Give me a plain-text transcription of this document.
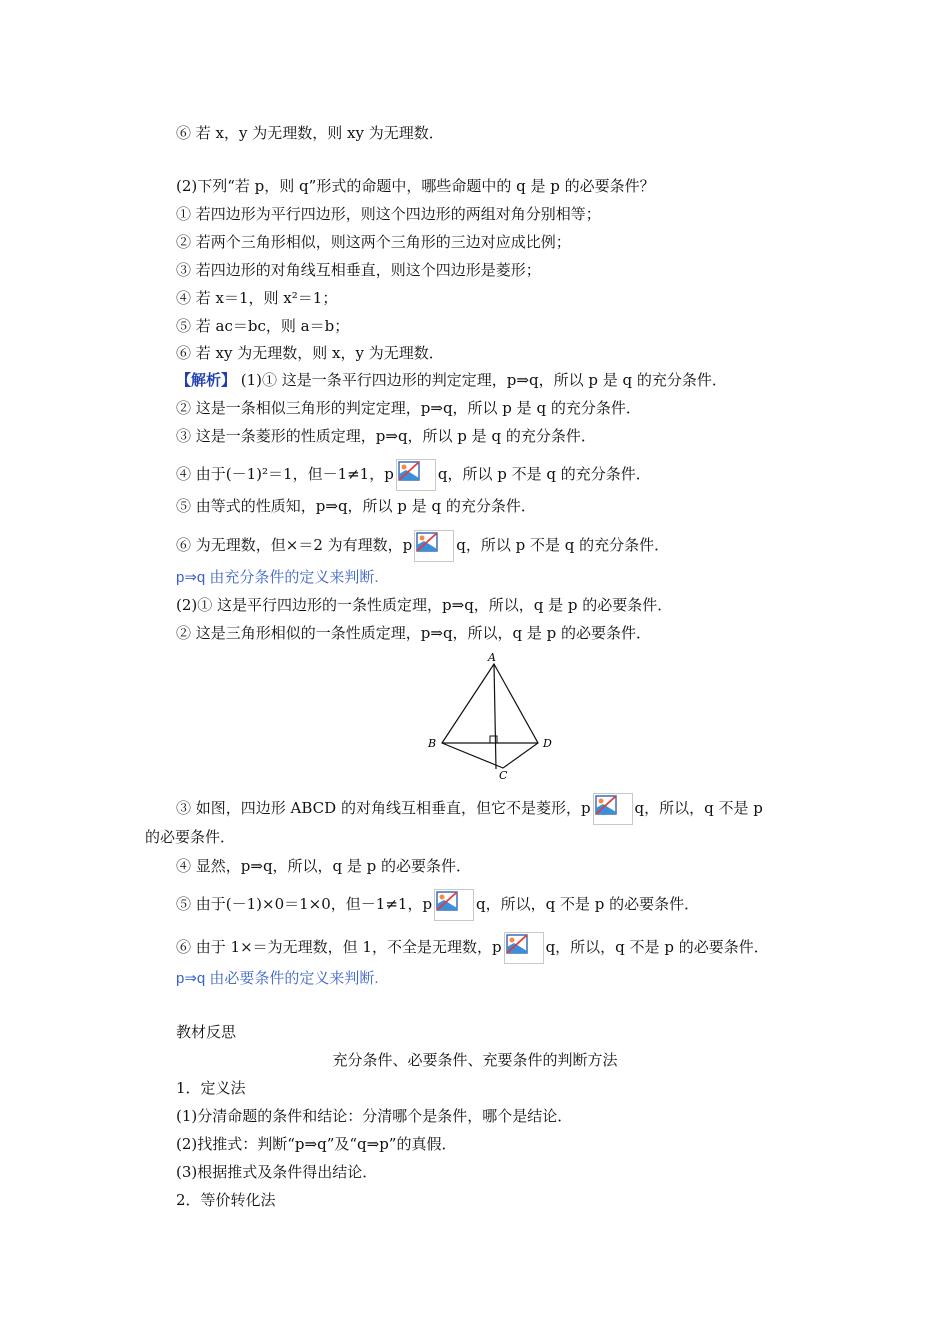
⑥ 若 x，y 为无理数，则 xy 为无理数．
(2)下列“若 p，则 q”形式的命题中，哪些命题中的 q 是 p 的必要条件？
① 若四边形为平行四边形，则这个四边形的两组对角分别相等；
② 若两个三角形相似，则这两个三角形的三边对应成比例；
③ 若四边形的对角线互相垂直，则这个四边形是菱形；
④ 若 x＝1，则 x²＝1；
⑤ 若 ac＝bc，则 a＝b；
⑥ 若 xy 为无理数，则 x，y 为无理数．
【解析】 (1)① 这是一条平行四边形的判定定理，p⇒q，所以 p 是 q 的充分条件．
② 这是一条相似三角形的判定定理，p⇒q，所以 p 是 q 的充分条件．
③ 这是一条菱形的性质定理，p⇒q，所以 p 是 q 的充分条件．
④ 由于(－1)²＝1，但－1≠1，p	q，所以 p 不是 q 的充分条件．
⑤ 由等式的性质知，p⇒q，所以 p 是 q 的充分条件．
⑥ 为无理数，但×＝2 为有理数，p	q，所以 p 不是 q 的充分条件．
p⇒q 由充分条件的定义来判断.
(2)① 这是平行四边形的一条性质定理，p⇒q，所以，q 是 p 的必要条件．
② 这是三角形相似的一条性质定理，p⇒q，所以，q 是 p 的必要条件．
A
B
C
D
③ 如图，四边形 ABCD 的对角线互相垂直，但它不是菱形，p	q，所以，q 不是 p
的必要条件．
④ 显然，p⇒q，所以，q 是 p 的必要条件．
⑤ 由于(－1)×0＝1×0，但－1≠1，p	q，所以，q 不是 p 的必要条件．
⑥ 由于 1×＝为无理数，但 1，不全是无理数，p	q，所以，q 不是 p 的必要条件．
p⇒q 由必要条件的定义来判断.
教材反思
充分条件、必要条件、充要条件的判断方法
1．定义法
(1)分清命题的条件和结论：分清哪个是条件，哪个是结论．
(2)找推式：判断“p⇒q”及“q⇒p”的真假．
(3)根据推式及条件得出结论．
2．等价转化法
